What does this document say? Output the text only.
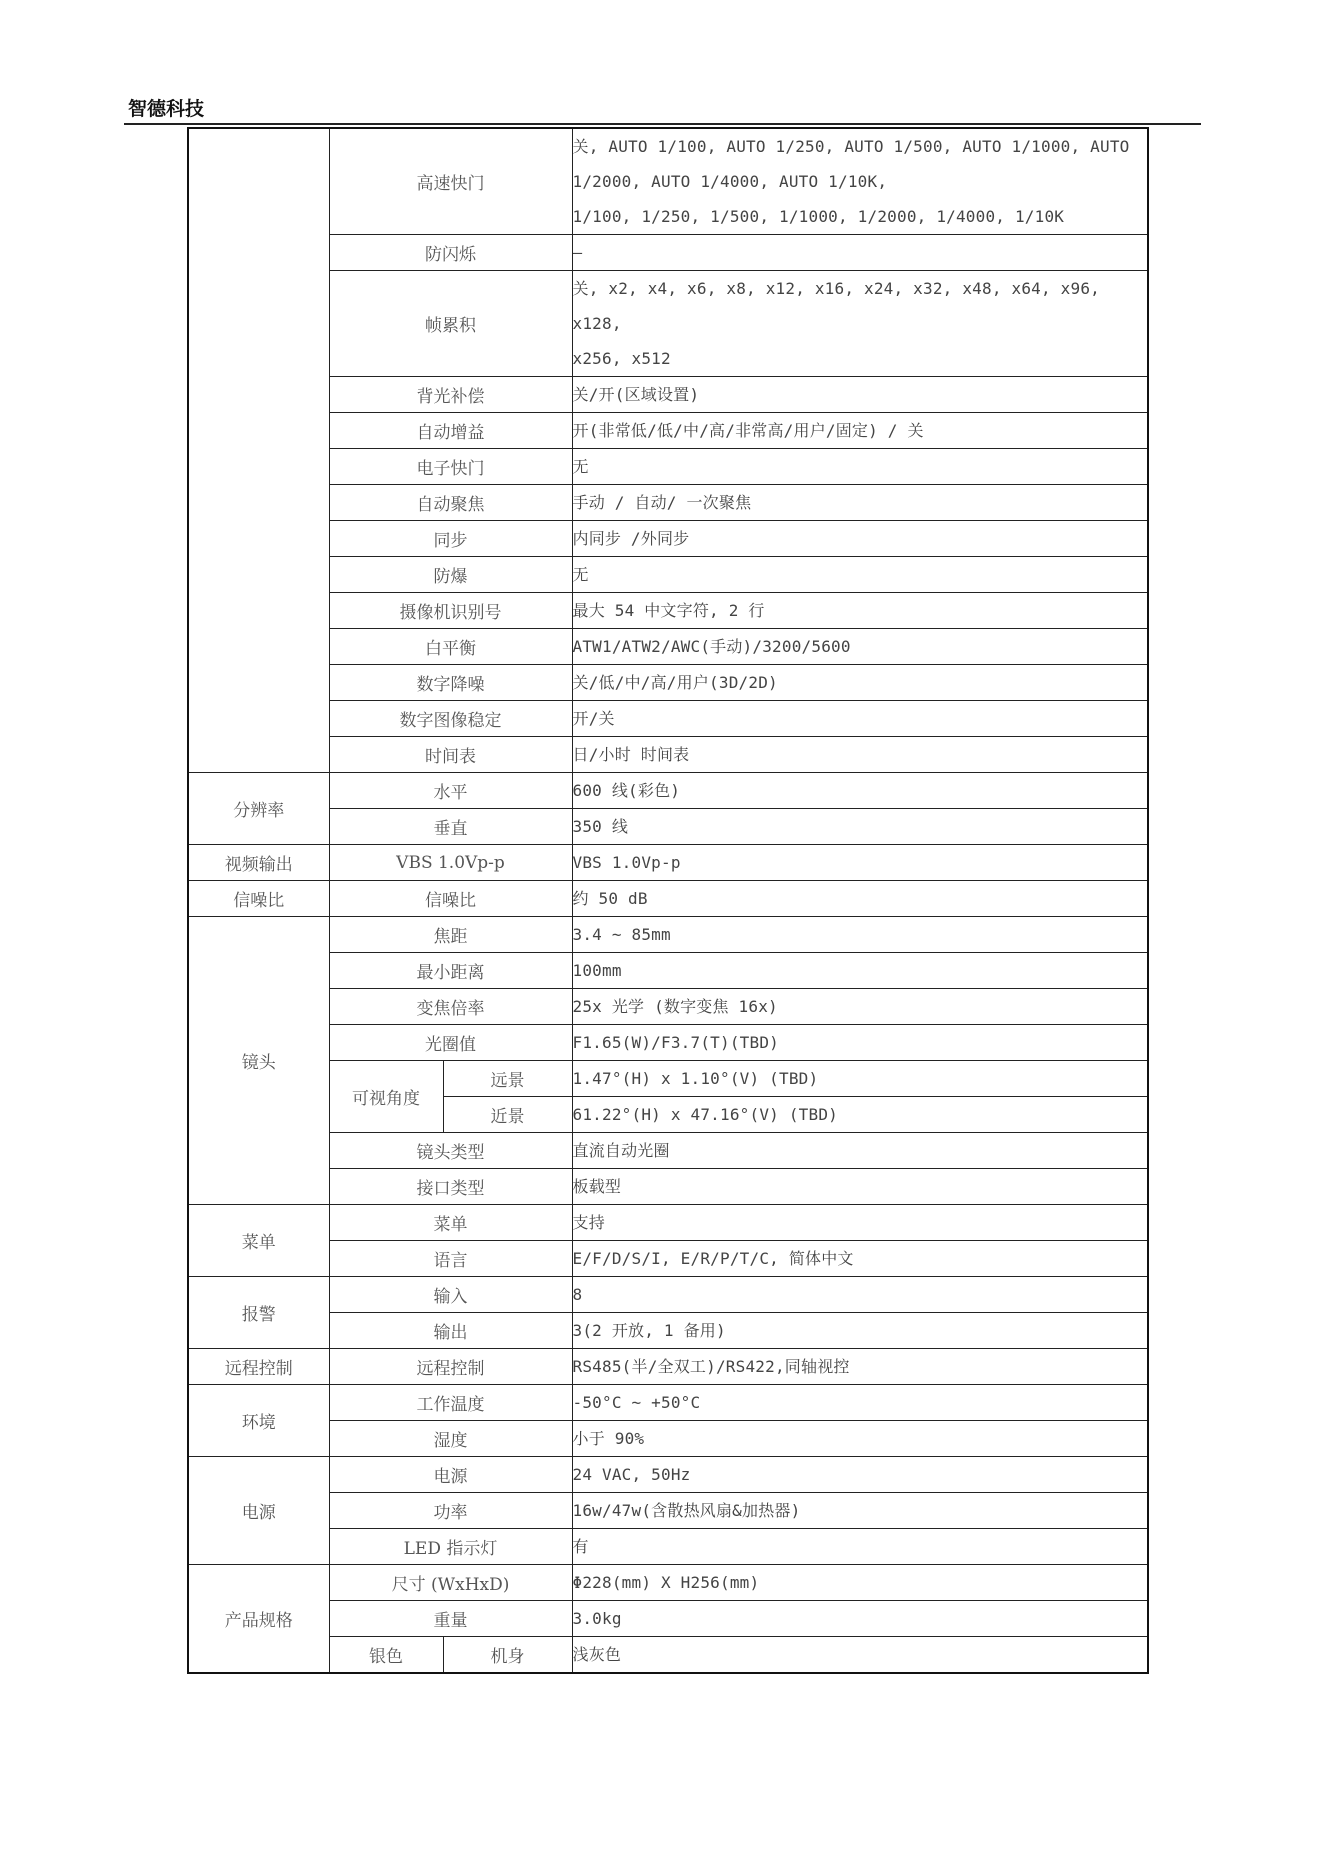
智德科技
	高速快门		关, AUTO 1/100, AUTO 1/250, AUTO 1/500, AUTO 1/1000, AUTO
1/2000, AUTO 1/4000, AUTO 1/10K,
1/100, 1/250, 1/500, 1/1000, 1/2000, 1/4000, 1/10K

	防闪烁		–
	帧累积		关, x2, x4, x6, x8, x12, x16, x24, x32, x48, x64, x96, x128,
x256, x512

	背光补偿		关/开(区域设置)
	自动增益		开(非常低/低/中/高/非常高/用户/固定) / 关
	电子快门		无
	自动聚焦		手动 / 自动/ 一次聚焦
	同步		内同步 /外同步
	防爆		无
	摄像机识别号		最大 54 中文字符, 2 行
	白平衡		ATW1/ATW2/AWC(手动)/3200/5600
	数字降噪		关/低/中/高/用户(3D/2D)
	数字图像稳定		开/关
	时间表		日/小时 时间表
分辨率	水平		600 线(彩色)
	垂直		350 线
视频输出	VBS 1.0Vp-p		VBS 1.0Vp-p
信噪比	信噪比		约 50 dB
镜头	焦距		3.4 ~ 85mm
	最小距离		100mm
	变焦倍率		25x 光学 (数字变焦 16x)
	光圈值		F1.65(W)/F3.7(T)(TBD)
	可视角度	远景	1.47°(H) x 1.10°(V) (TBD)
		近景	61.22°(H) x 47.16°(V) (TBD)
	镜头类型		直流自动光圈
	接口类型		板载型
菜单	菜单		支持
	语言		E/F/D/S/I, E/R/P/T/C, 简体中文
报警	输入		8
	输出		3(2 开放, 1 备用)
远程控制	远程控制		RS485(半/全双工)/RS422,同轴视控
环境	工作温度		-50°C ~ +50°C
	湿度		小于 90%
电源	电源		24 VAC, 50Hz
	功率		16w/47w(含散热风扇&加热器)
	LED 指示灯		有
产品规格	尺寸 (WxHxD)		Φ228(mm) X H256(mm)
	重量		3.0kg
	银色	机身	浅灰色
